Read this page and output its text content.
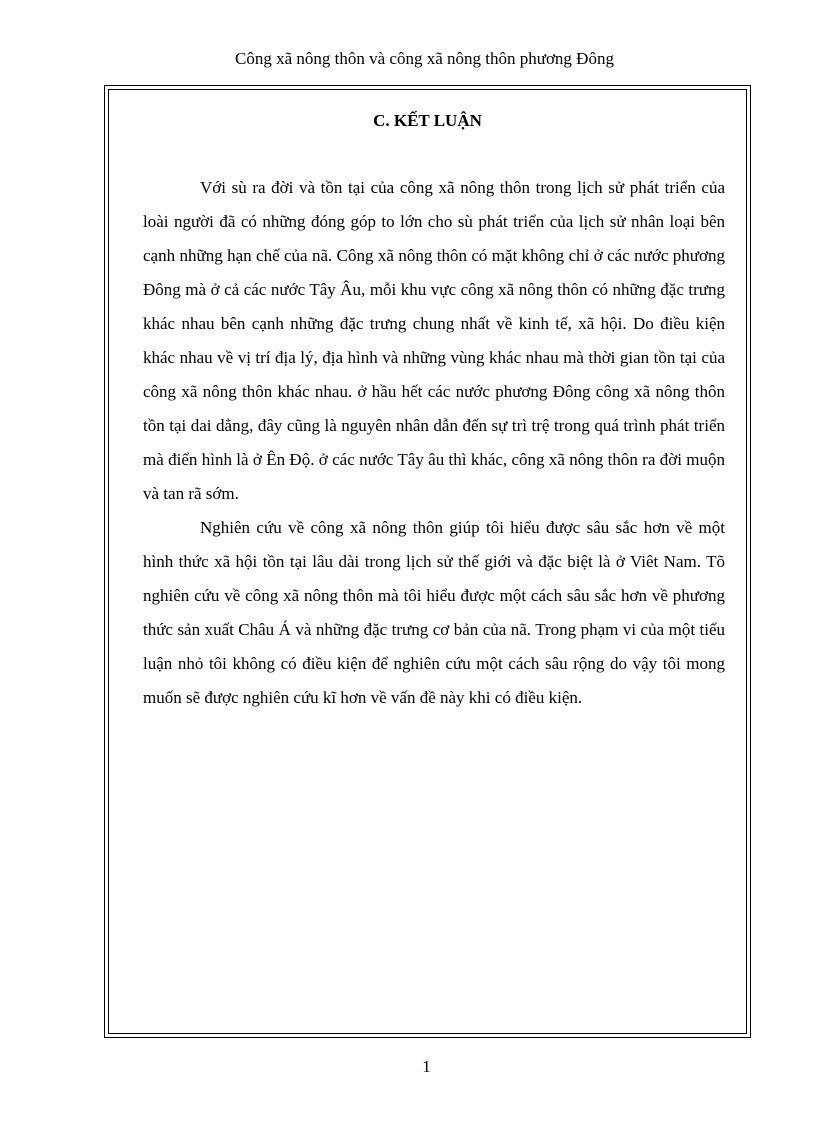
Công xã nông thôn và công xã nông thôn phương Đông
C. KẾT LUẬN

Với sù ra đời và tồn tại của công xã nông thôn trong lịch sử phát triển của loài người đã có những đóng góp to lớn cho sù phát triển của lịch sử nhân loại bên cạnh những hạn chế của nã. Công xã nông thôn có mặt không chỉ ở các nước phương Đông mà ở cả các nước Tây Âu, mỗi khu vực công xã nông thôn có những đặc trưng khác nhau bên cạnh những đặc trưng chung nhất về kinh tế, xã hội. Do điều kiện khác nhau về vị trí địa lý, địa hình và những vùng khác nhau mà thời gian tồn tại của công xã nông thôn khác nhau. ở hầu hết các nước phương Đông công xã nông thôn tồn tại dai dẳng, đây cũng là nguyên nhân dẫn đến sự trì trệ trong quá trình phát triển mà điển hình là ở Ên Độ. ở các nước Tây âu thì khác, công xã nông thôn ra đời muộn và tan rã sớm.

Nghiên cứu về công xã nông thôn giúp tôi hiểu được sâu sắc hơn về một hình thức xã hội tồn tại lâu dài trong lịch sử thế giới và đặc biệt là ở Viêt Nam. Tõ nghiên cứu về công xã nông thôn mà tôi hiểu được một cách sâu sắc hơn về phương thức sản xuất Châu Á và những đặc trưng cơ bản của nã. Trong phạm vi của một tiểu luận nhỏ tôi không có điều kiện để nghiên cứu một cách sâu rộng do vậy tôi mong muốn sẽ được nghiên cứu kĩ hơn về vấn đề này khi có điều kiện.

1
